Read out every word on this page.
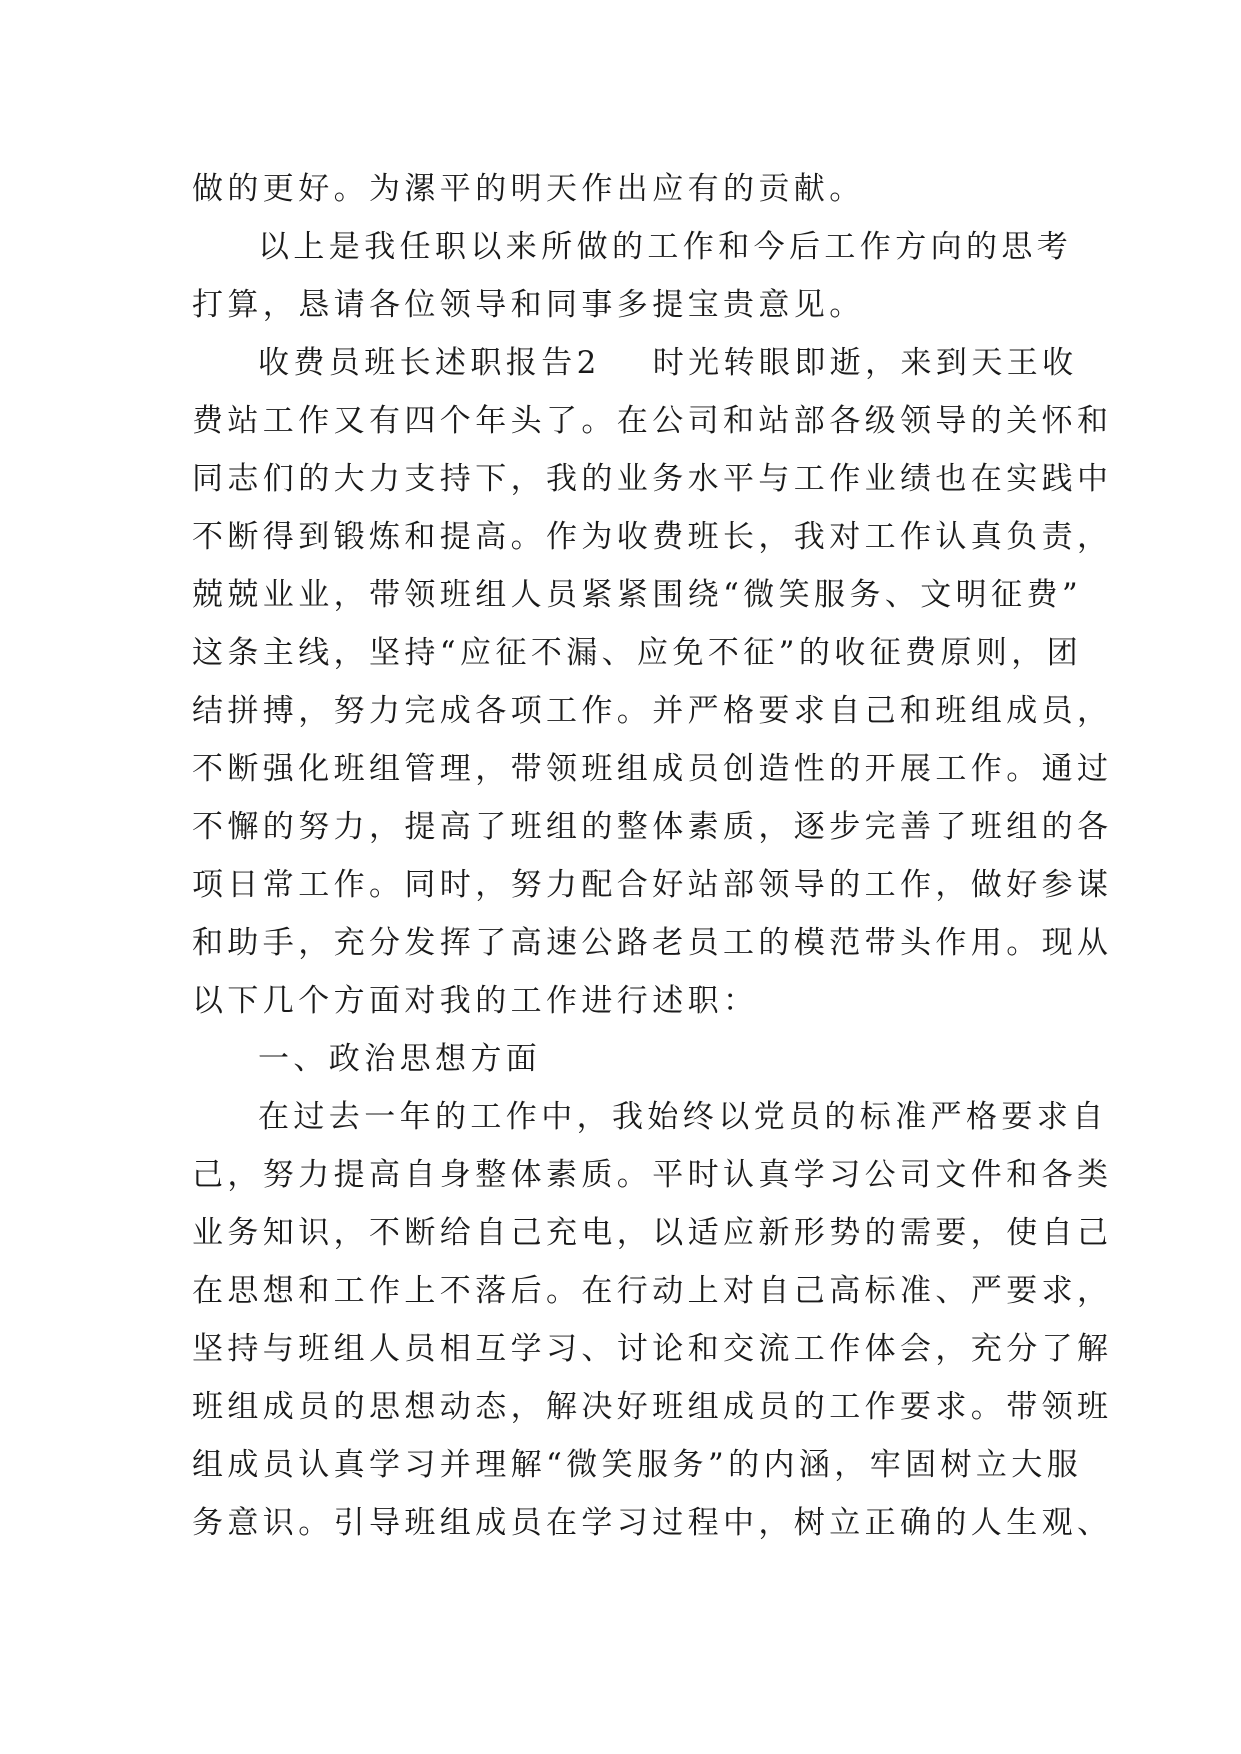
做的更好。为漯平的明天作出应有的贡献。
以上是我任职以来所做的工作和今后工作方向的思考
打算，恳请各位领导和同事多提宝贵意见。
收费员班长述职报告2 时光转眼即逝，来到天王收
费站工作又有四个年头了。在公司和站部各级领导的关怀和
同志们的大力支持下，我的业务水平与工作业绩也在实践中
不断得到锻炼和提高。作为收费班长，我对工作认真负责，
兢兢业业，带领班组人员紧紧围绕“微笑服务、文明征费”
这条主线，坚持“应征不漏、应免不征”的收征费原则，团
结拼搏，努力完成各项工作。并严格要求自己和班组成员，
不断强化班组管理，带领班组成员创造性的开展工作。通过
不懈的努力，提高了班组的整体素质，逐步完善了班组的各
项日常工作。同时，努力配合好站部领导的工作，做好参谋
和助手，充分发挥了高速公路老员工的模范带头作用。现从
以下几个方面对我的工作进行述职：
一、政治思想方面
在过去一年的工作中，我始终以党员的标准严格要求自
己，努力提高自身整体素质。平时认真学习公司文件和各类
业务知识，不断给自己充电，以适应新形势的需要，使自己
在思想和工作上不落后。在行动上对自己高标准、严要求，
坚持与班组人员相互学习、讨论和交流工作体会，充分了解
班组成员的思想动态，解决好班组成员的工作要求。带领班
组成员认真学习并理解“微笑服务”的内涵，牢固树立大服
务意识。引导班组成员在学习过程中，树立正确的人生观、
